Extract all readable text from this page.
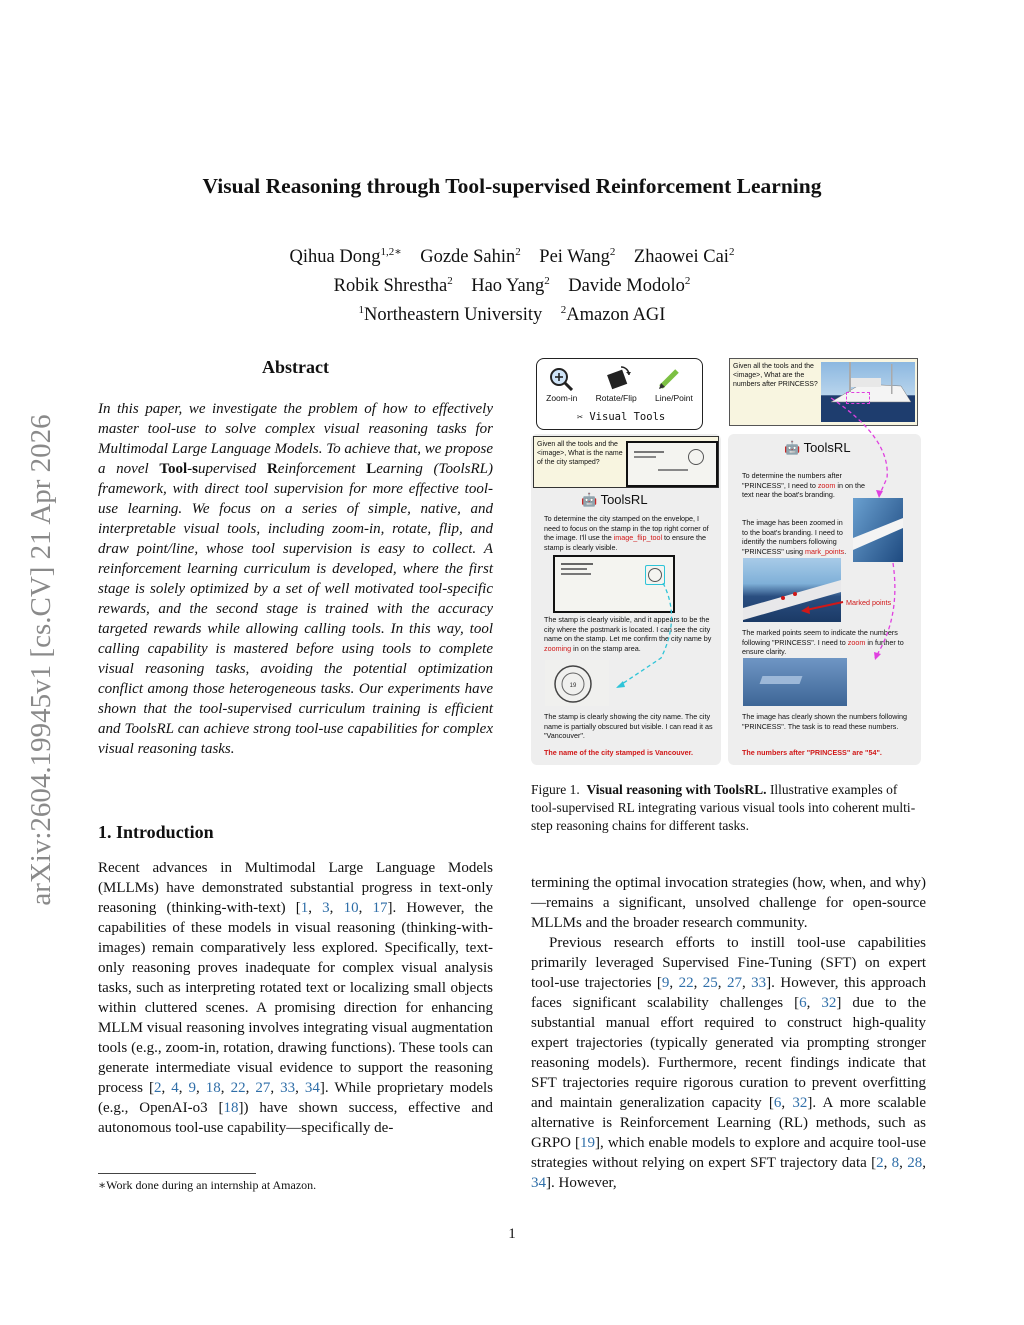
arXiv:2604.19945v1 [cs.CV] 21 Apr 2026
Visual Reasoning through Tool-supervised Reinforcement Learning
Qihua Dong$^{1,2∗}$ Gozde Sahin$^2$ Pei Wang$^2$ Zhaowei Cai$^2$
Robik Shrestha$^2$ Hao Yang$^2$ Davide Modolo$^2$
$^1$Northeastern University $^2$Amazon AGI
Abstract
In this paper, we investigate the problem of how to effectively master tool-use to solve complex visual reasoning tasks for Multimodal Large Language Models. To achieve that, we propose a novel Tool-supervised Reinforcement Learning (ToolsRL) framework, with direct tool supervision for more effective tool-use learning. We focus on a series of simple, native, and interpretable visual tools, including zoom-in, rotate, flip, and draw point/line, whose tool supervision is easy to collect. A reinforcement learning curriculum is developed, where the first stage is solely optimized by a set of well motivated tool-specific rewards, and the second stage is trained with the accuracy targeted rewards while allowing calling tools. In this way, tool calling capability is mastered before using tools to complete visual reasoning tasks, avoiding the potential optimization conflict among those heterogeneous tasks. Our experiments have shown that the tool-supervised curriculum training is efficient and ToolsRL can achieve strong tool-use capabilities for complex visual reasoning tasks.
1. Introduction

Recent advances in Multimodal Large Language Models (MLLMs) have demonstrated substantial progress in text-only reasoning (thinking-with-text) [1, 3, 10, 17]. However, the capabilities of these models in visual reasoning (thinking-with-images) remain comparatively less explored. Specifically, text-only reasoning proves inadequate for complex visual analysis tasks, such as interpreting rotated text or localizing small objects within cluttered scenes. A promising direction for enhancing MLLM visual reasoning involves integrating visual augmentation tools (e.g., zoom-in, rotation, drawing functions). These tools can generate intermediate visual evidence to support the reasoning process [2, 4, 9, 18, 22, 27, 33, 34]. While proprietary models (e.g., OpenAI-o3 [18]) have shown success, effective and autonomous tool-use capability—specifically de-

termining the optimal invocation strategies (how, when, and why)—remains a significant, unsolved challenge for open-source MLLMs and the broader research community.

Previous research efforts to instill tool-use capabilities primarily leveraged Supervised Fine-Tuning (SFT) on expert tool-use trajectories [9, 22, 25, 27, 33]. However, this approach faces significant scalability challenges [6, 32] due to the substantial manual effort required to construct high-quality expert trajectories (typically generated via prompting stronger reasoning models). Furthermore, recent findings indicate that SFT trajectories require rigorous curation to prevent overfitting and maintain generalization capacity [6, 32]. A more scalable alternative is Reinforcement Learning (RL) methods, such as GRPO [19], which enable models to explore and acquire tool-use strategies without relying on expert SFT trajectory data [2, 8, 28, 34]. However,

∗Work done during an internship at Amazon.
1
Zoom-in Rotate/Flip Line/Point
✂ Visual Tools
Given all the tools and the <image>, What are the numbers after PRINCESS?
Given all the tools and the <image>, What is the name of the city stamped?
🤖 ToolsRL
To determine the city stamped on the envelope, I need to focus on the stamp in the top right corner of the image. I'll use the image_flip_tool to ensure the stamp is clearly visible.
The stamp is clearly visible, and it appears to be the city where the postmark is located. I can see the city name on the stamp. Let me confirm the city name by zooming in on the stamp area.
19
The stamp is clearly showing the city name. The city name is partially obscured but visible. I can read it as "Vancouver".
The name of the city stamped is Vancouver.
🤖 ToolsRL
To determine the numbers after "PRINCESS", I need to zoom in on the text near the boat's branding.
The image has been zoomed in to the boat's branding. I need to identify the numbers following "PRINCESS" using mark_points.
Marked points
The marked points seem to indicate the numbers following "PRINCESS". I need to zoom in further to ensure clarity.
The image has clearly shown the numbers following "PRINCESS". The task is to read these numbers.
The numbers after "PRINCESS" are "54".
Figure 1. Visual reasoning with ToolsRL. Illustrative examples of tool-supervised RL integrating various visual tools into coherent multi-step reasoning chains for different tasks.
